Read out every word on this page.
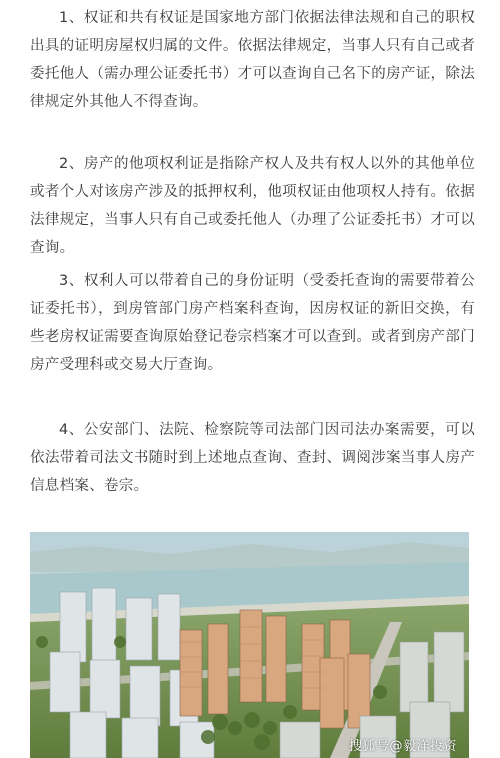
1、权证和共有权证是国家地方部门依据法律法规和自己的职权出具的证明房屋权归属的文件。依据法律规定，当事人只有自己或者委托他人（需办理公证委托书）才可以查询自己名下的房产证，除法律规定外其他人不得查询。

2、房产的他项权利证是指除产权人及共有权人以外的其他单位或者个人对该房产涉及的抵押权利，他项权证由他项权人持有。依据法律规定，当事人只有自己或委托他人（办理了公证委托书）才可以查询。

3、权利人可以带着自己的身份证明（受委托查询的需要带着公证委托书），到房管部门房产档案科查询，因房权证的新旧交换，有些老房权证需要查询原始登记卷宗档案才可以查到。或者到房产部门房产受理科或交易大厅查询。

4、公安部门、法院、检察院等司法部门因司法办案需要，可以依法带着司法文书随时到上述地点查询、查封、调阅涉案当事人房产信息档案、卷宗。

搜狐号@毅洋投资
